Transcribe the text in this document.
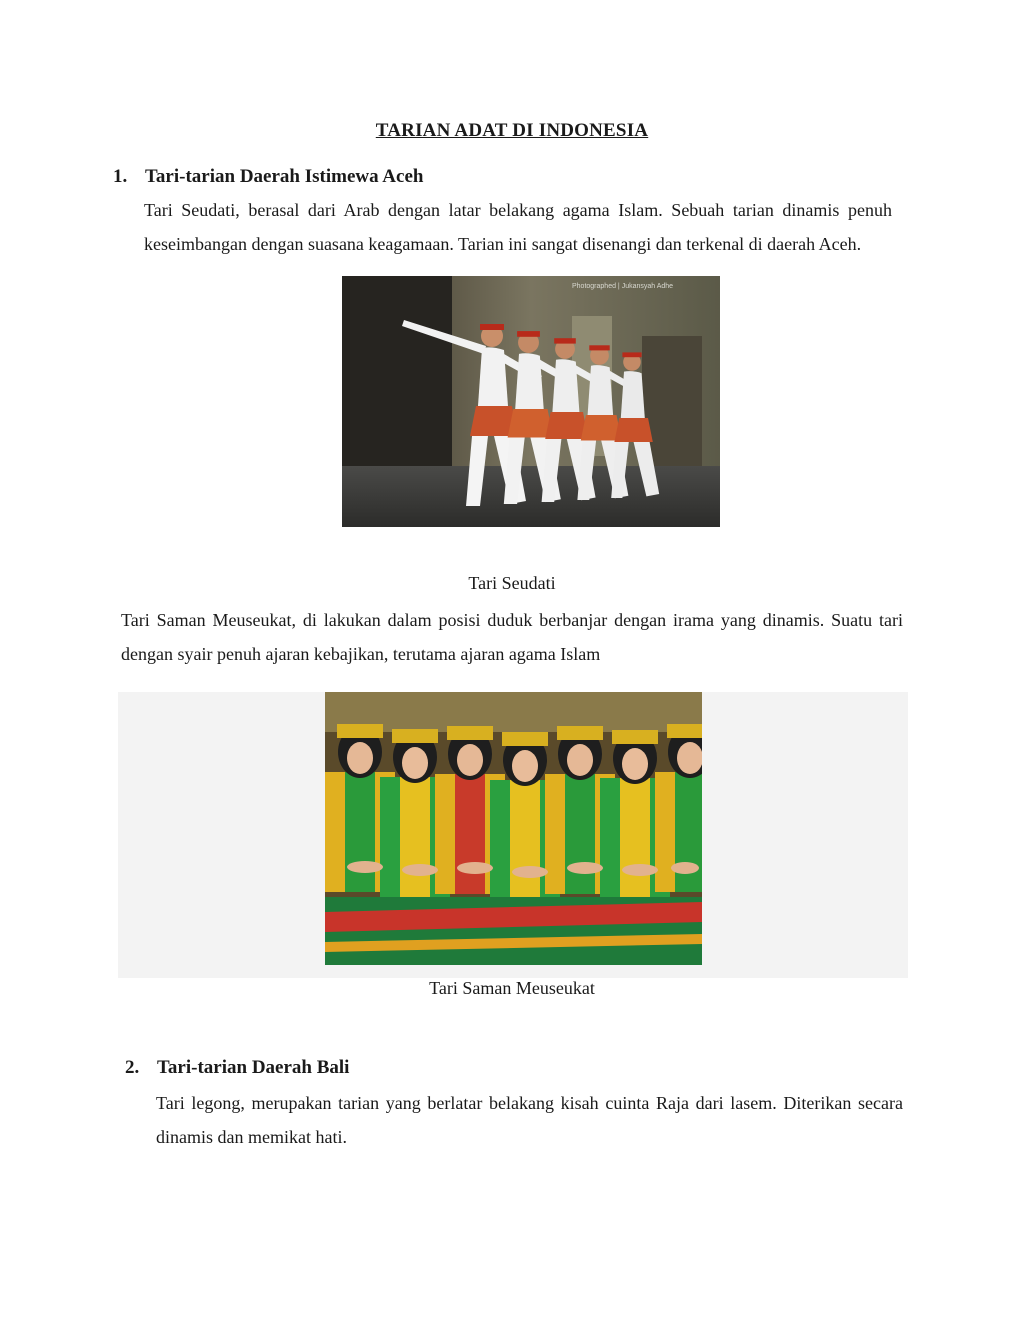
TARIAN ADAT DI INDONESIA
1. Tari-tarian Daerah Istimewa Aceh
Tari Seudati, berasal dari Arab dengan latar belakang agama Islam. Sebuah tarian dinamis penuh keseimbangan dengan suasana keagamaan. Tarian ini sangat disenangi dan terkenal di daerah Aceh.
Photographed | Jukansyah Adhe
Tari Seudati
Tari Saman Meuseukat, di lakukan dalam posisi duduk berbanjar dengan irama yang dinamis. Suatu tari dengan syair penuh ajaran kebajikan, terutama ajaran agama Islam
Tari Saman Meuseukat
2. Tari-tarian Daerah Bali
Tari legong, merupakan tarian yang berlatar belakang kisah cuinta Raja dari lasem. Diterikan secara dinamis dan memikat hati.
